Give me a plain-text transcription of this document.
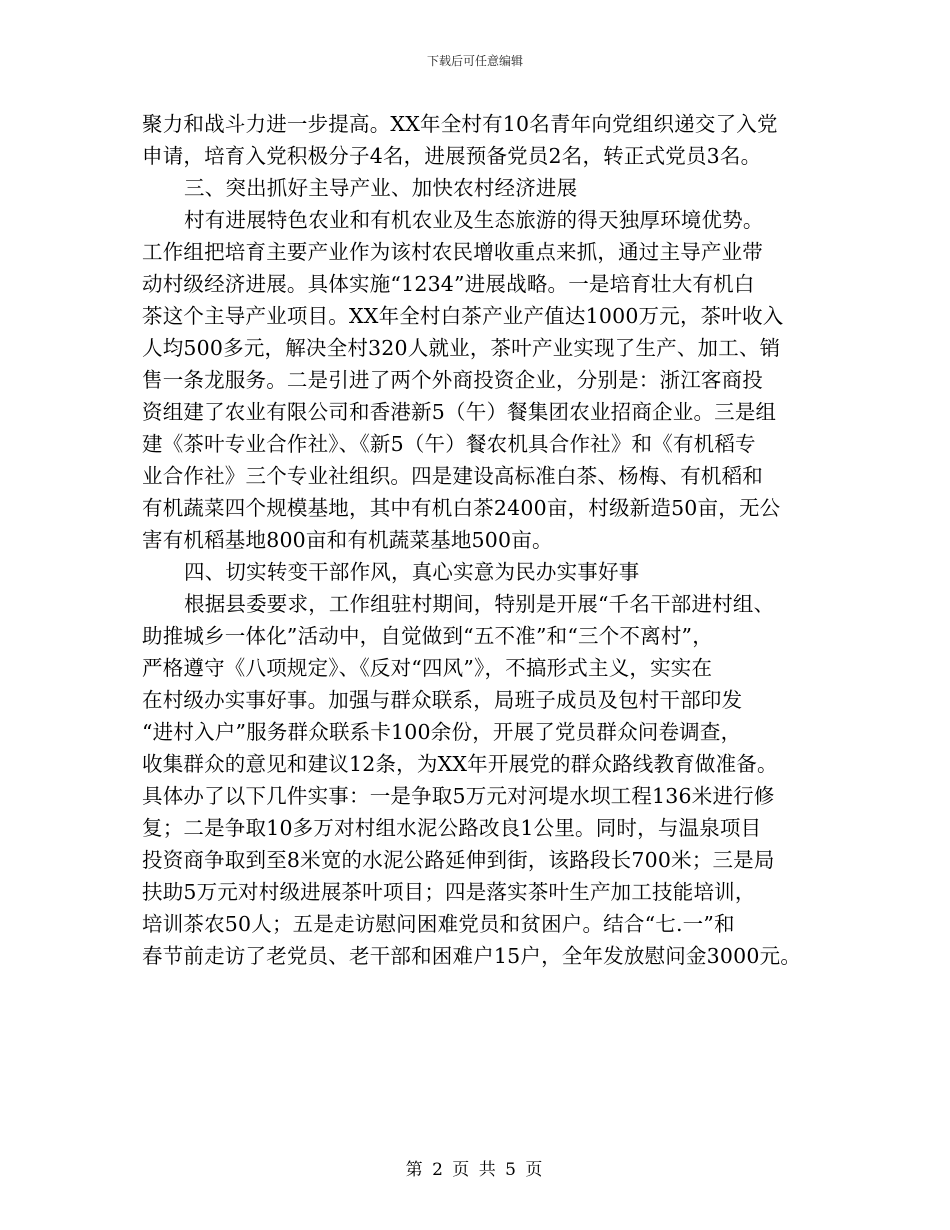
下载后可任意编辑
聚力和战斗力进一步提高。XX年全村有10名青年向党组织递交了入党
申请，培育入党积极分子4名，进展预备党员2名，转正式党员3名。
三、突出抓好主导产业、加快农村经济进展
村有进展特色农业和有机农业及生态旅游的得天独厚环境优势。
工作组把培育主要产业作为该村农民增收重点来抓，通过主导产业带
动村级经济进展。具体实施“1234”进展战略。一是培育壮大有机白
茶这个主导产业项目。XX年全村白茶产业产值达1000万元，茶叶收入
人均500多元，解决全村320人就业，茶叶产业实现了生产、加工、销
售一条龙服务。二是引进了两个外商投资企业，分别是：浙江客商投
资组建了农业有限公司和香港新5（午）餐集团农业招商企业。三是组
建《茶叶专业合作社》、《新5（午）餐农机具合作社》和《有机稻专
业合作社》三个专业社组织。四是建设高标准白茶、杨梅、有机稻和
有机蔬菜四个规模基地，其中有机白茶2400亩，村级新造50亩，无公
害有机稻基地800亩和有机蔬菜基地500亩。
四、切实转变干部作风，真心实意为民办实事好事
根据县委要求，工作组驻村期间，特别是开展“千名干部进村组、
助推城乡一体化”活动中，自觉做到“五不准”和“三个不离村”，
严格遵守《八项规定》、《反对“四风”》，不搞形式主义，实实在
在村级办实事好事。加强与群众联系，局班子成员及包村干部印发
“进村入户”服务群众联系卡100余份，开展了党员群众问卷调查，
收集群众的意见和建议12条，为XX年开展党的群众路线教育做准备。
具体办了以下几件实事：一是争取5万元对河堤水坝工程136米进行修
复；二是争取10多万对村组水泥公路改良1公里。同时，与温泉项目
投资商争取到至8米宽的水泥公路延伸到街，该路段长700米；三是局
扶助5万元对村级进展茶叶项目；四是落实茶叶生产加工技能培训，
培训茶农50人；五是走访慰问困难党员和贫困户。结合“七.一”和
春节前走访了老党员、老干部和困难户15户，全年发放慰问金3000元。
第 2 页 共 5 页
